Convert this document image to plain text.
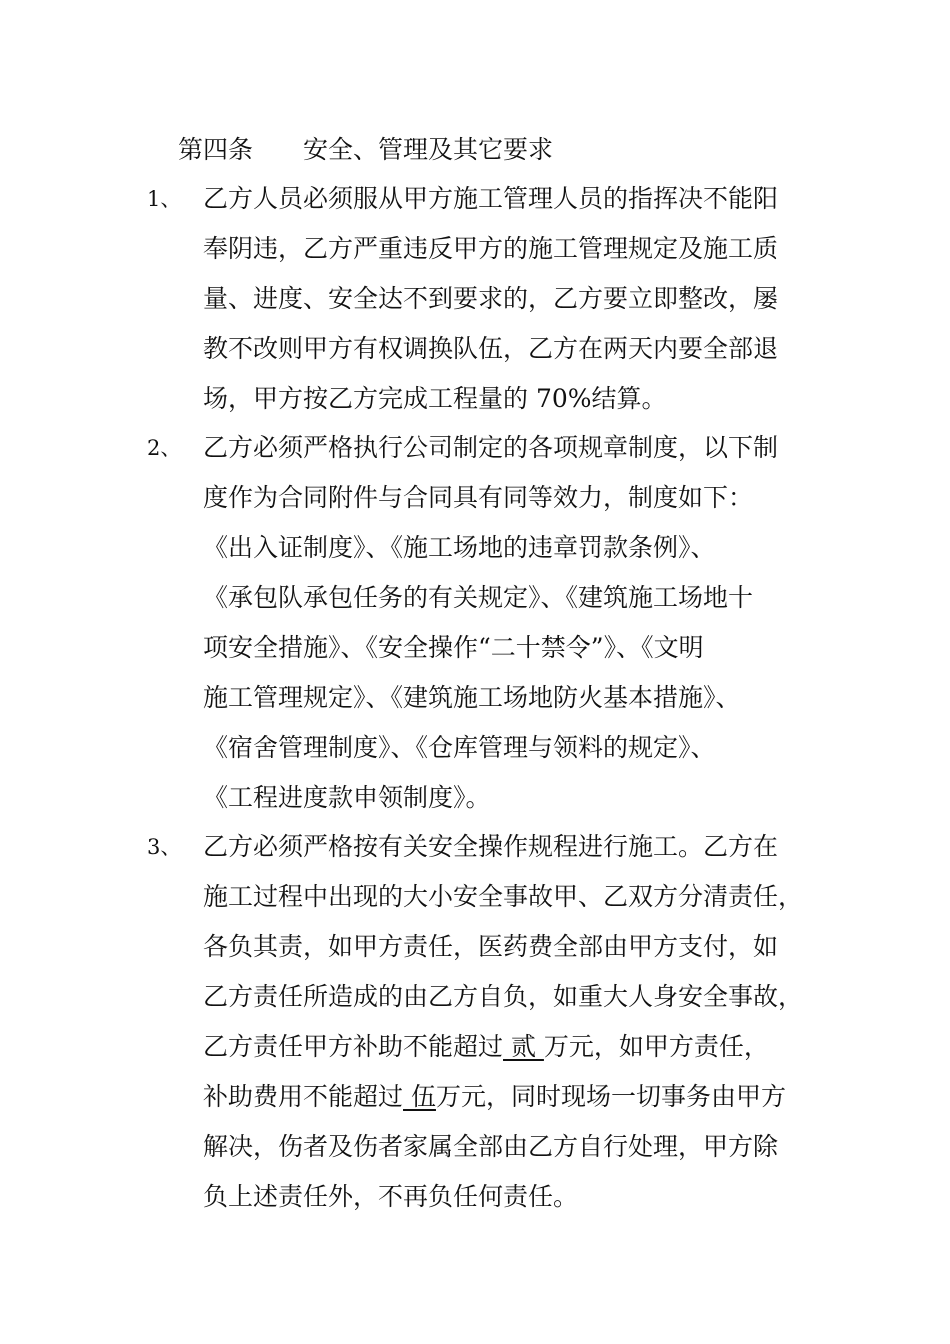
第四条 安全、管理及其它要求
1、 乙方人员必须服从甲方施工管理人员的指挥决不能阳
奉阴违，乙方严重违反甲方的施工管理规定及施工质
量、进度、安全达不到要求的，乙方要立即整改，屡
教不改则甲方有权调换队伍，乙方在两天内要全部退
场，甲方按乙方完成工程量的 70%结算。
2、 乙方必须严格执行公司制定的各项规章制度，以下制
度作为合同附件与合同具有同等效力，制度如下：
《出入证制度》、《施工场地的违章罚款条例》、
《承包队承包任务的有关规定》、《建筑施工场地十
项安全措施》、《安全操作“二十禁令”》、《文明
施工管理规定》、《建筑施工场地防火基本措施》、
《宿舍管理制度》、《仓库管理与领料的规定》、
《工程进度款申领制度》。
3、 乙方必须严格按有关安全操作规程进行施工。乙方在
施工过程中出现的大小安全事故甲、乙双方分清责任，
各负其责，如甲方责任，医药费全部由甲方支付，如
乙方责任所造成的由乙方自负，如重大人身安全事故，
乙方责任甲方补助不能超过 贰 万元，如甲方责任，
补助费用不能超过 伍万元，同时现场一切事务由甲方
解决，伤者及伤者家属全部由乙方自行处理，甲方除
负上述责任外，不再负任何责任。
